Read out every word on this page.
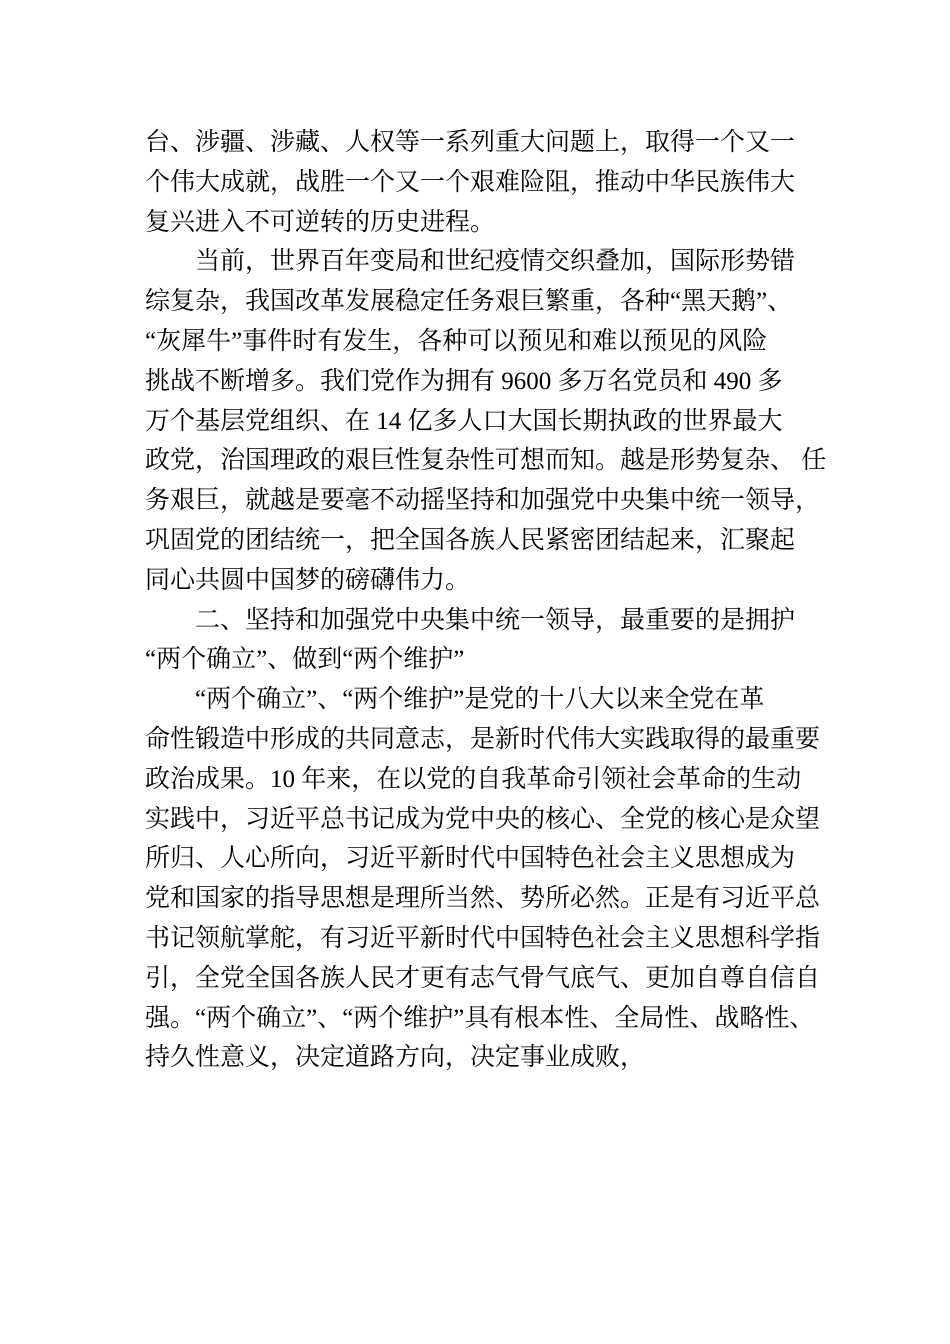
台、涉疆、涉藏、人权等一系列重大问题上，取得一个又一
个伟大成就，战胜一个又一个艰难险阻，推动中华民族伟大
复兴进入不可逆转的历史进程。
当前，世界百年变局和世纪疫情交织叠加，国际形势错
综复杂，我国改革发展稳定任务艰巨繁重，各种“黑天鹅”、
“灰犀牛”事件时有发生，各种可以预见和难以预见的风险
挑战不断增多。我们党作为拥有 9600 多万名党员和 490 多
万个基层党组织、在 14 亿多人口大国长期执政的世界最大
政党，治国理政的艰巨性复杂性可想而知。越是形势复杂、 任
务艰巨，就越是要毫不动摇坚持和加强党中央集中统一领导，
巩固党的团结统一，把全国各族人民紧密团结起来，汇聚起
同心共圆中国梦的磅礴伟力。
二、坚持和加强党中央集中统一领导，最重要的是拥护
“两个确立”、做到“两个维护”
“两个确立”、“两个维护”是党的十八大以来全党在革
命性锻造中形成的共同意志，是新时代伟大实践取得的最重要
政治成果。10 年来，在以党的自我革命引领社会革命的生动
实践中，习近平总书记成为党中央的核心、全党的核心是众望
所归、人心所向，习近平新时代中国特色社会主义思想成为
党和国家的指导思想是理所当然、势所必然。正是有习近平总
书记领航掌舵，有习近平新时代中国特色社会主义思想科学指
引，全党全国各族人民才更有志气骨气底气、更加自尊自信自
强。“两个确立”、“两个维护”具有根本性、全局性、战略性、
持久性意义，决定道路方向，决定事业成败，
